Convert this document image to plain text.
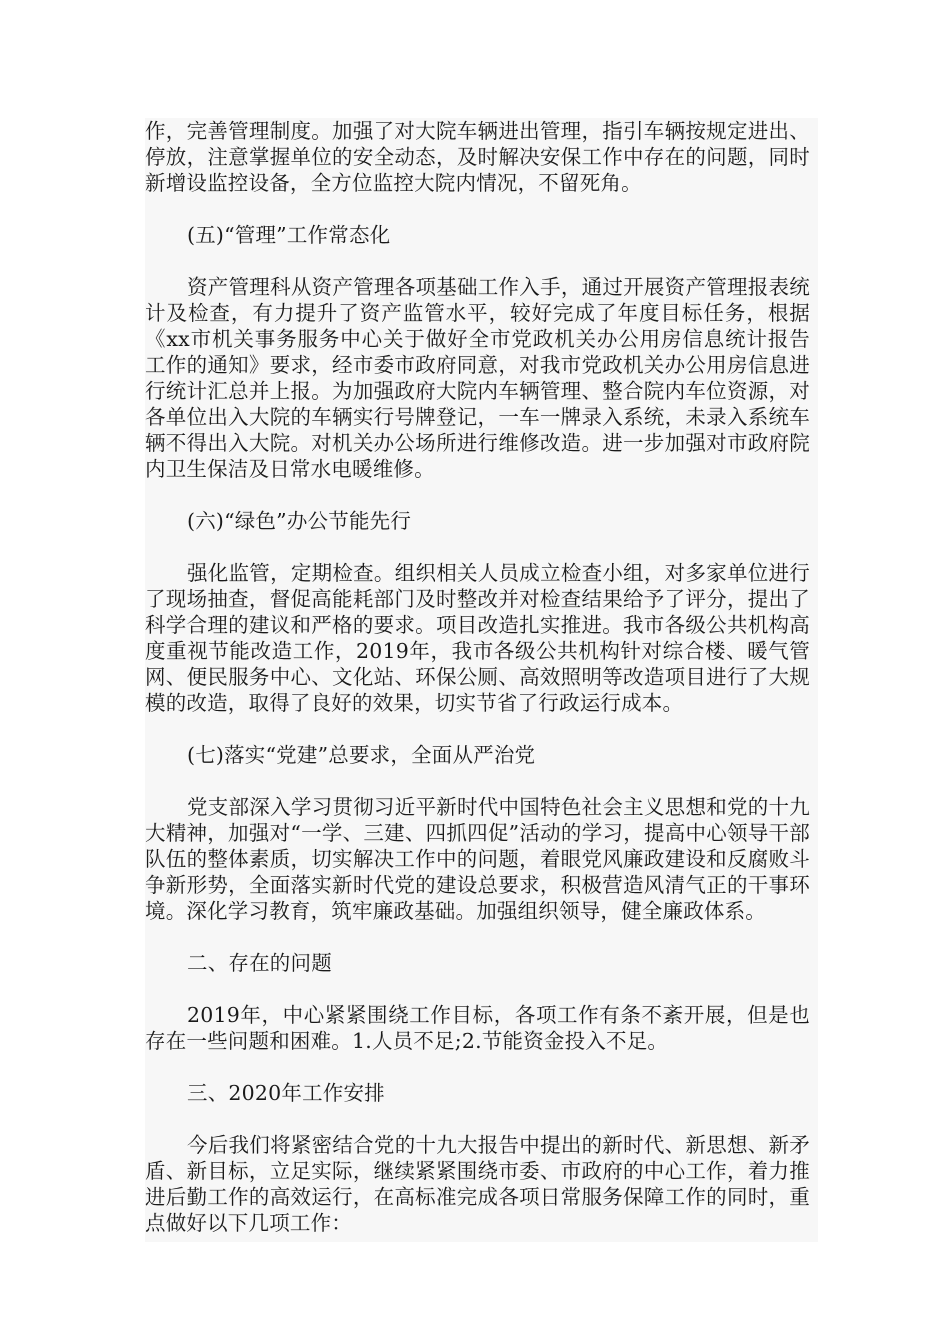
作，完善管理制度。加强了对大院车辆进出管理，指引车辆按规定进出、停放，注意掌握单位的安全动态，及时解决安保工作中存在的问题，同时新增设监控设备，全方位监控大院内情况，不留死角。

(五)“管理”工作常态化

资产管理科从资产管理各项基础工作入手，通过开展资产管理报表统计及检查，有力提升了资产监管水平，较好完成了年度目标任务，根据《xx市机关事务服务中心关于做好全市党政机关办公用房信息统计报告工作的通知》要求，经市委市政府同意，对我市党政机关办公用房信息进行统计汇总并上报。为加强政府大院内车辆管理、整合院内车位资源，对各单位出入大院的车辆实行号牌登记，一车一牌录入系统，未录入系统车辆不得出入大院。对机关办公场所进行维修改造。进一步加强对市政府院内卫生保洁及日常水电暖维修。

(六)“绿色”办公节能先行

强化监管，定期检查。组织相关人员成立检查小组，对多家单位进行了现场抽查，督促高能耗部门及时整改并对检查结果给予了评分，提出了科学合理的建议和严格的要求。项目改造扎实推进。我市各级公共机构高度重视节能改造工作，2019年，我市各级公共机构针对综合楼、暖气管网、便民服务中心、文化站、环保公厕、高效照明等改造项目进行了大规模的改造，取得了良好的效果，切实节省了行政运行成本。

(七)落实“党建”总要求，全面从严治党

党支部深入学习贯彻习近平新时代中国特色社会主义思想和党的十九大精神，加强对“一学、三建、四抓四促”活动的学习，提高中心领导干部队伍的整体素质，切实解决工作中的问题，着眼党风廉政建设和反腐败斗争新形势，全面落实新时代党的建设总要求，积极营造风清气正的干事环境。深化学习教育，筑牢廉政基础。加强组织领导，健全廉政体系。

二、存在的问题

2019年，中心紧紧围绕工作目标，各项工作有条不紊开展，但是也存在一些问题和困难。1.人员不足;2.节能资金投入不足。

三、2020年工作安排

今后我们将紧密结合党的十九大报告中提出的新时代、新思想、新矛盾、新目标，立足实际，继续紧紧围绕市委、市政府的中心工作，着力推进后勤工作的高效运行，在高标准完成各项日常服务保障工作的同时，重点做好以下几项工作：
